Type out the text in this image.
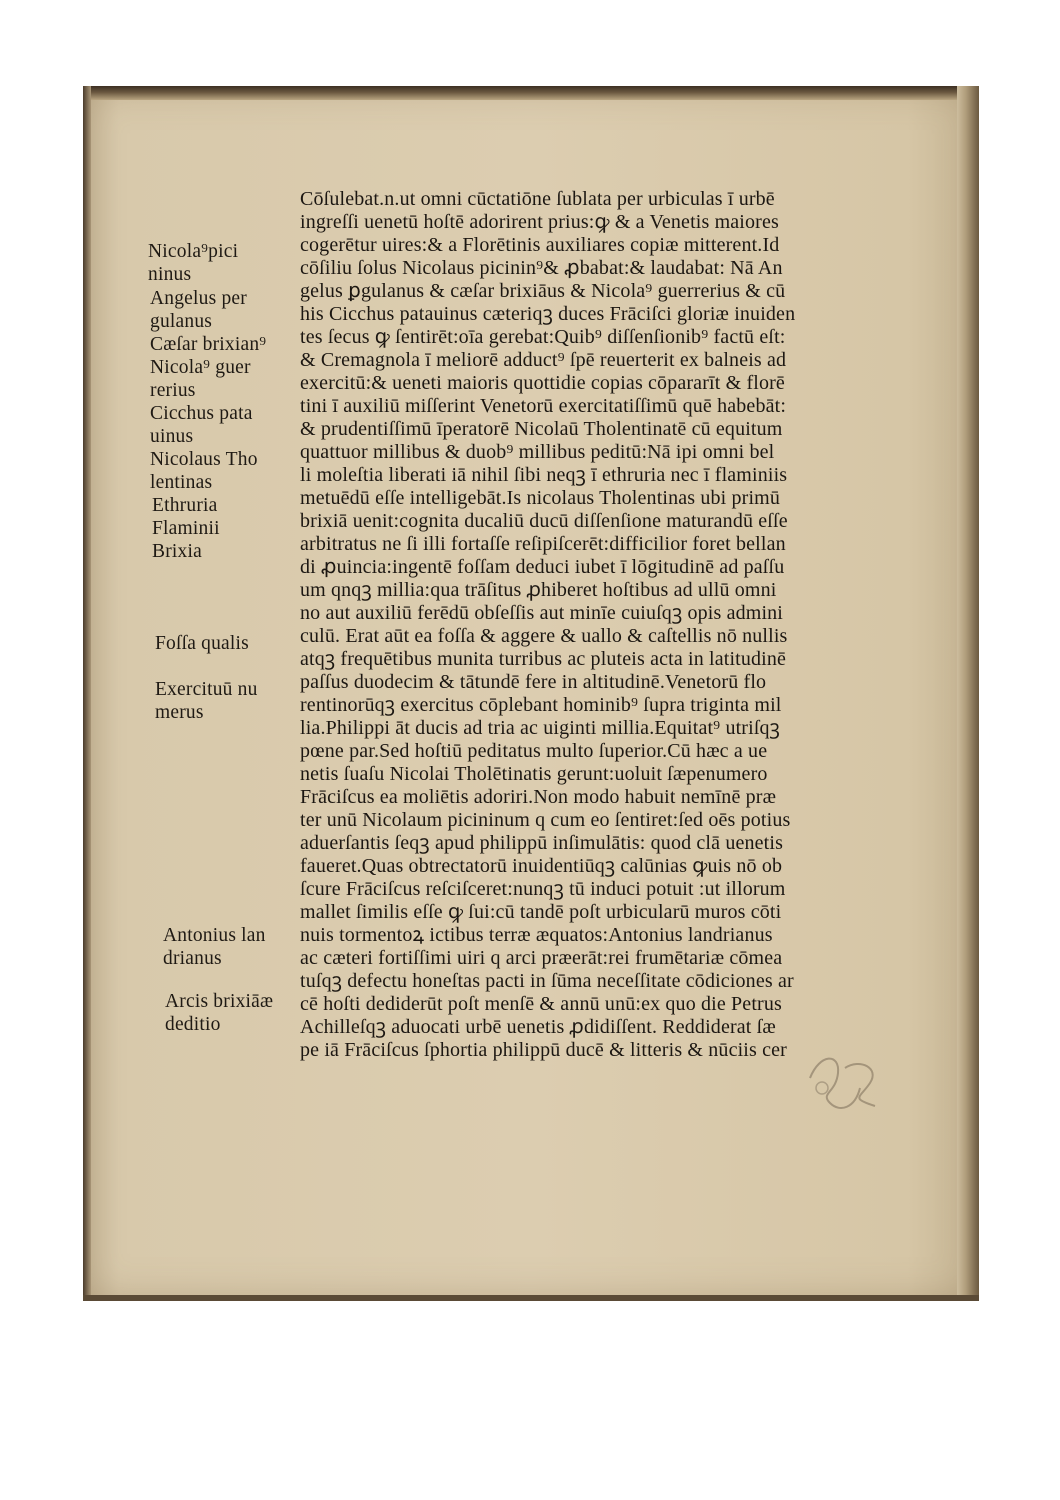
Nicola⁹pici
ninus
Angelus per
gulanus
Cæſar brixian⁹
Nicola⁹ guer
rerius
Cicchus pata
uinus
Nicolaus Tho
lentinas
Ethruria
Flaminii
Brixia
Foſſa qualis
Exercituū nu
merus
Antonius lan
drianus
Arcis brixiāæ
deditio
Cōſulebat.n.ut omni cūctatiōne ſublata per urbiculas ī urbē
ingreſſi uenetū hoſtē adorirent prius:ꝙ & a Venetis maiores
cogerētur uires:& a Florētinis auxiliares copiæ mitterent.Id
cōſiliu ſolus Nicolaus picinin⁹& ꝓbabat:& laudabat: Nā An
gelus ꝑgulanus & cæſar brixiāus & Nicola⁹ guerrerius & cū
his Cicchus patauinus cæteriqꝫ duces Frāciſci gloriæ inuiden
tes ſecus ꝙ ſentirēt:oīa gerebat:Quib⁹ diſſenſionib⁹ factū eſt:
& Cremagnola ī meliorē adduct⁹ ſpē reuerterit ex balneis ad
exercitū:& ueneti maioris quottidie copias cōpararīt & florē
tini ī auxiliū miſſerint Venetorū exercitatiſſimū quē habebāt:
& prudentiſſimū īperatorē Nicolaū Tholentinatē cū equitum
quattuor millibus & duob⁹ millibus peditū:Nā ipi omni bel
li moleſtia liberati iā nihil ſibi neqꝫ ī ethruria nec ī flaminiis
metuēdū eſſe intelligebāt.Is nicolaus Tholentinas ubi primū
brixiā uenit:cognita ducaliū ducū diſſenſione maturandū eſſe
arbitratus ne ſi illi fortaſſe reſipiſcerēt:difficilior foret bellan
di ꝓuincia:ingentē foſſam deduci iubet ī lōgitudinē ad paſſu
um qnqꝫ millia:qua trāſitus ꝓhiberet hoſtibus ad ullū omni
no aut auxiliū ferēdū obſeſſis aut minīe cuiuſqꝫ opis admini
culū. Erat aūt ea foſſa & aggere & uallo & caſtellis nō nullis
atqꝫ frequētibus munita turribus ac pluteis acta in latitudinē
paſſus duodecim & tātundē fere in altitudinē.Venetorū flo
rentinorūqꝫ exercitus cōplebant hominib⁹ ſupra triginta mil
lia.Philippi āt ducis ad tria ac uiginti millia.Equitat⁹ utriſqꝫ
pœne par.Sed hoſtiū peditatus multo ſuperior.Cū hæc a ue
netis ſuaſu Nicolai Tholētinatis gerunt:uoluit ſæpenumero
Frāciſcus ea moliētis adoriri.Non modo habuit nemīnē præ
ter unū Nicolaum picininum q cum eo ſentiret:ſed oēs potius
aduerſantis ſeqꝫ apud philippū inſimulātis: quod clā uenetis
faueret.Quas obtrectatorū inuidentiūqꝫ calūnias ꝙuis nō ob
ſcure Frāciſcus reſciſceret:nunqꝫ tū induci potuit :ut illorum
mallet ſimilis eſſe ꝙ ſui:cū tandē poſt urbicularū muros cōti
nuis tormentoꝝ ictibus terræ æquatos:Antonius landrianus
ac cæteri fortiſſimi uiri q arci præerāt:rei frumētariæ cōmea
tuſqꝫ defectu honeſtas pacti in ſūma neceſſitate cōdiciones ar
cē hoſti dediderūt poſt menſē & annū unū:ex quo die Petrus
Achilleſqꝫ aduocati urbē uenetis ꝓdidiſſent. Reddiderat ſæ
pe iā Frāciſcus ſphortia philippū ducē & litteris & nūciis cer
